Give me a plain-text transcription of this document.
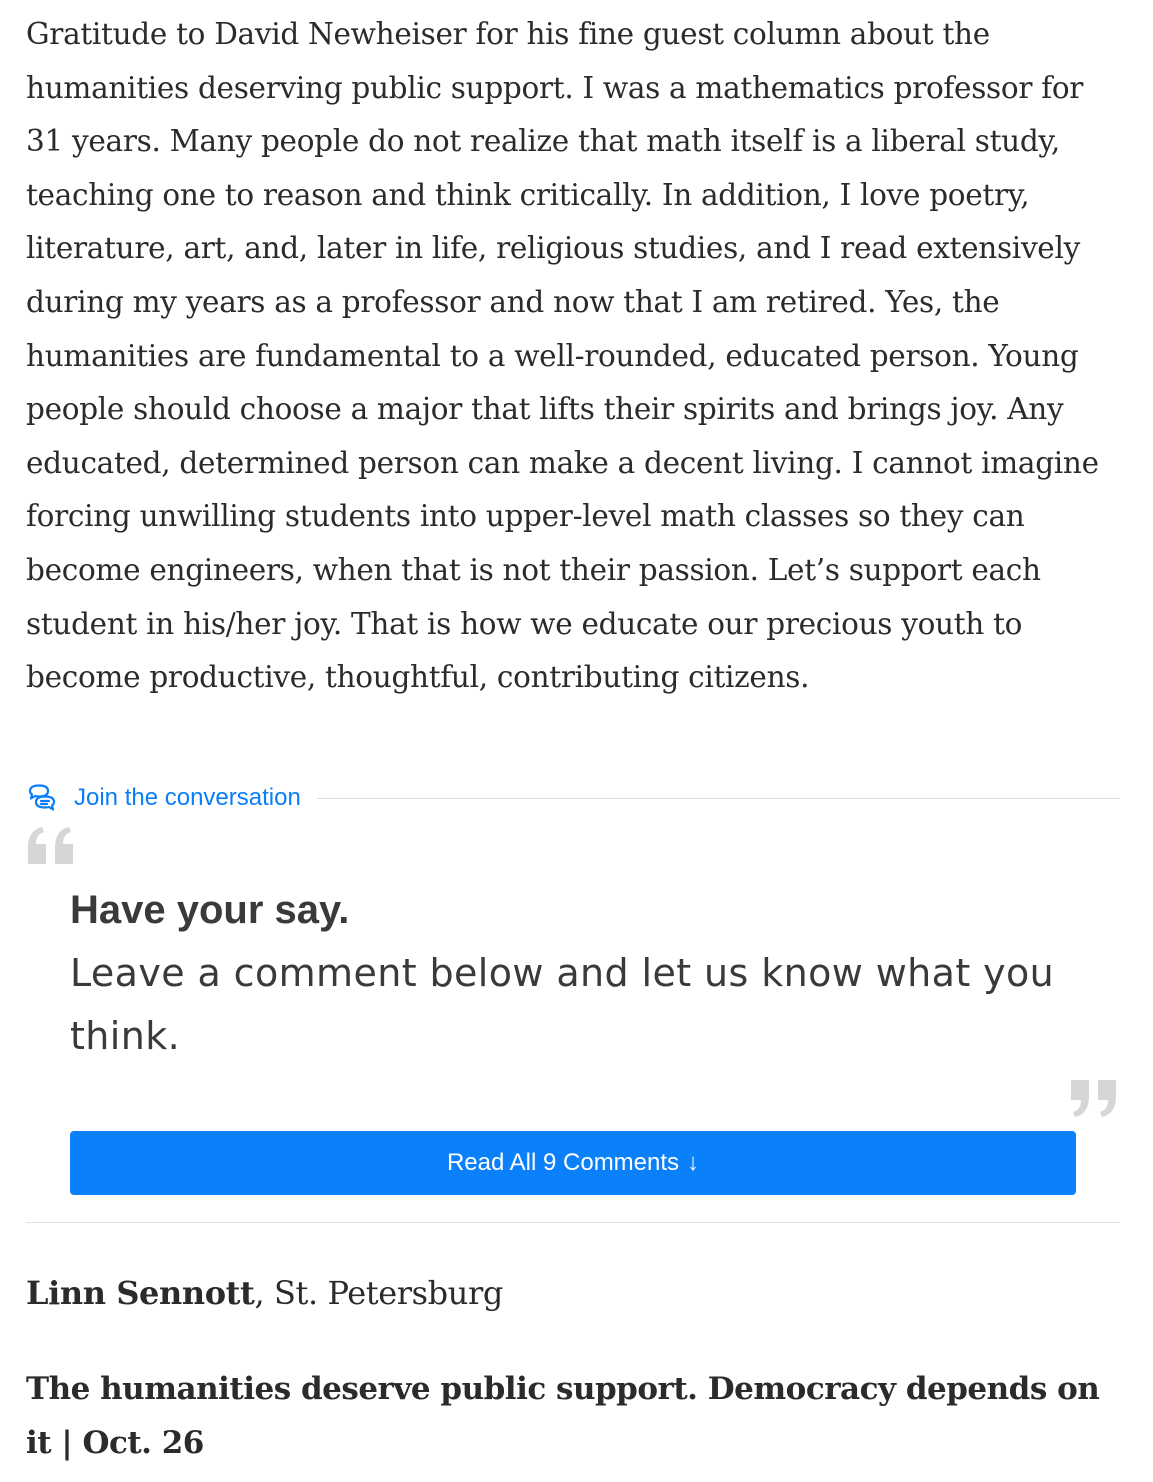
Gratitude to David Newheiser for his fine guest column about the humanities deserving public support. I was a mathematics professor for 31 years. Many people do not realize that math itself is a liberal study, teaching one to reason and think critically. In addition, I love poetry, literature, art, and, later in life, religious studies, and I read extensively during my years as a professor and now that I am retired. Yes, the humanities are fundamental to a well-rounded, educated person. Young people should choose a major that lifts their spirits and brings joy. Any educated, determined person can make a decent living. I cannot imagine forcing unwilling students into upper-level math classes so they can become engineers, when that is not their passion. Let’s support each student in his/her joy. That is how we educate our precious youth to become productive, thoughtful, contributing citizens.

Join the conversation
Have your say.

Leave a comment below and let us know what you think.

Read All 9 Comments ↓

Linn Sennott, St. Petersburg

The humanities deserve public support. Democracy depends on it | Oct. 26
